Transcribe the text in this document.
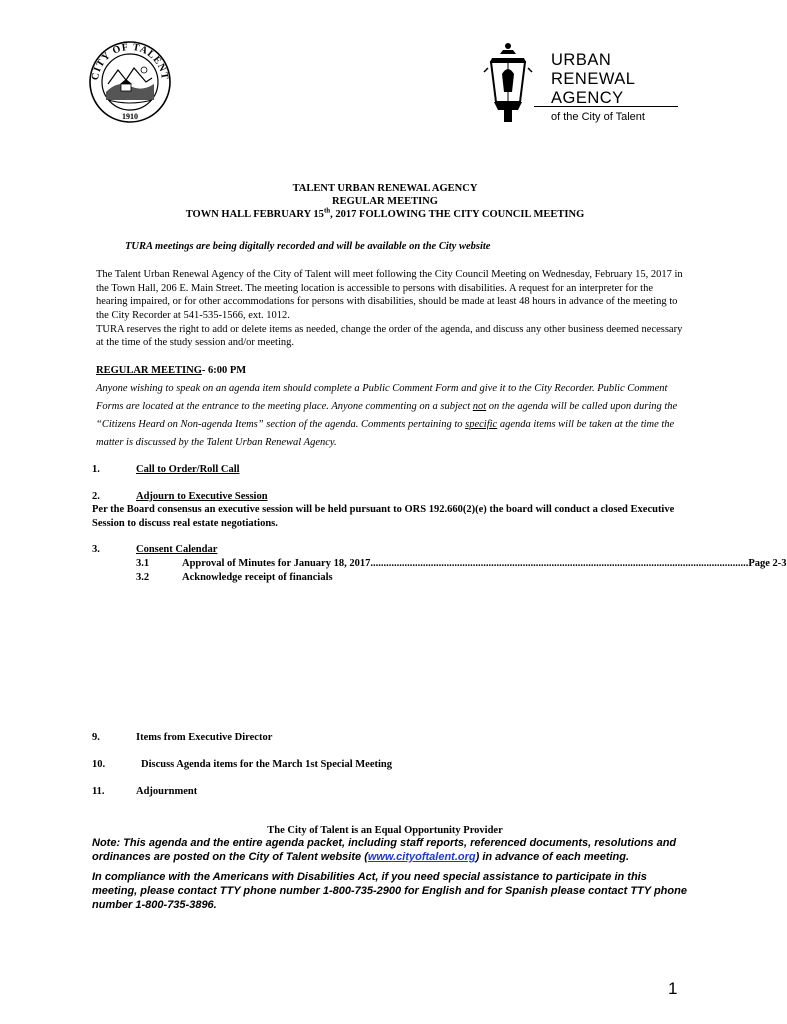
CITY OF TALENT
1910
URBAN
RENEWAL
AGENCY
of the City of Talent
TALENT URBAN RENEWAL AGENCY
REGULAR MEETING
TOWN HALL FEBRUARY 15th, 2017 FOLLOWING THE CITY COUNCIL MEETING
TURA meetings are being digitally recorded and will be available on the City website

The Talent Urban Renewal Agency of the City of Talent will meet following the City Council Meeting on Wednesday, February 15, 2017 in the Town Hall, 206 E. Main Street. The meeting location is accessible to persons with disabilities. A request for an interpreter for the hearing impaired, or for other accommodations for persons with disabilities, should be made at least 48 hours in advance of the meeting to the City Recorder at 541-535-1566, ext. 1012.

TURA reserves the right to add or delete items as needed, change the order of the agenda, and discuss any other business deemed necessary at the time of the study session and/or meeting.

REGULAR MEETING- 6:00 PM
Anyone wishing to speak on an agenda item should complete a Public Comment Form and give it to the City Recorder. Public Comment Forms are located at the entrance to the meeting place. Anyone commenting on a subject not on the agenda will be called upon during the “Citizens Heard on Non-agenda Items” section of the agenda. Comments pertaining to specific agenda items will be taken at the time the matter is discussed by the Talent Urban Renewal Agency.
1.	Call to Order/Roll Call
2.	Adjourn to Executive Session
Per the Board consensus an executive session will be held pursuant to ORS 192.660(2)(e) the board will conduct a closed Executive Session to discuss real estate negotiations.
3.	Consent Calendar
3.1	Approval of Minutes for January 18, 2017 ................................................................................................................................................ Page 2-3
3.2	Acknowledge receipt of financials
9.	Items from Executive Director
10.	Discuss Agenda items for the March 1st Special Meeting
11.	Adjournment
The City of Talent is an Equal Opportunity Provider
Note: This agenda and the entire agenda packet, including staff reports, referenced documents, resolutions and ordinances are posted on the City of Talent website (www.cityoftalent.org) in advance of each meeting.
In compliance with the Americans with Disabilities Act, if you need special assistance to participate in this meeting, please contact TTY phone number 1-800-735-2900 for English and for Spanish please contact TTY phone number 1-800-735-3896.
1
